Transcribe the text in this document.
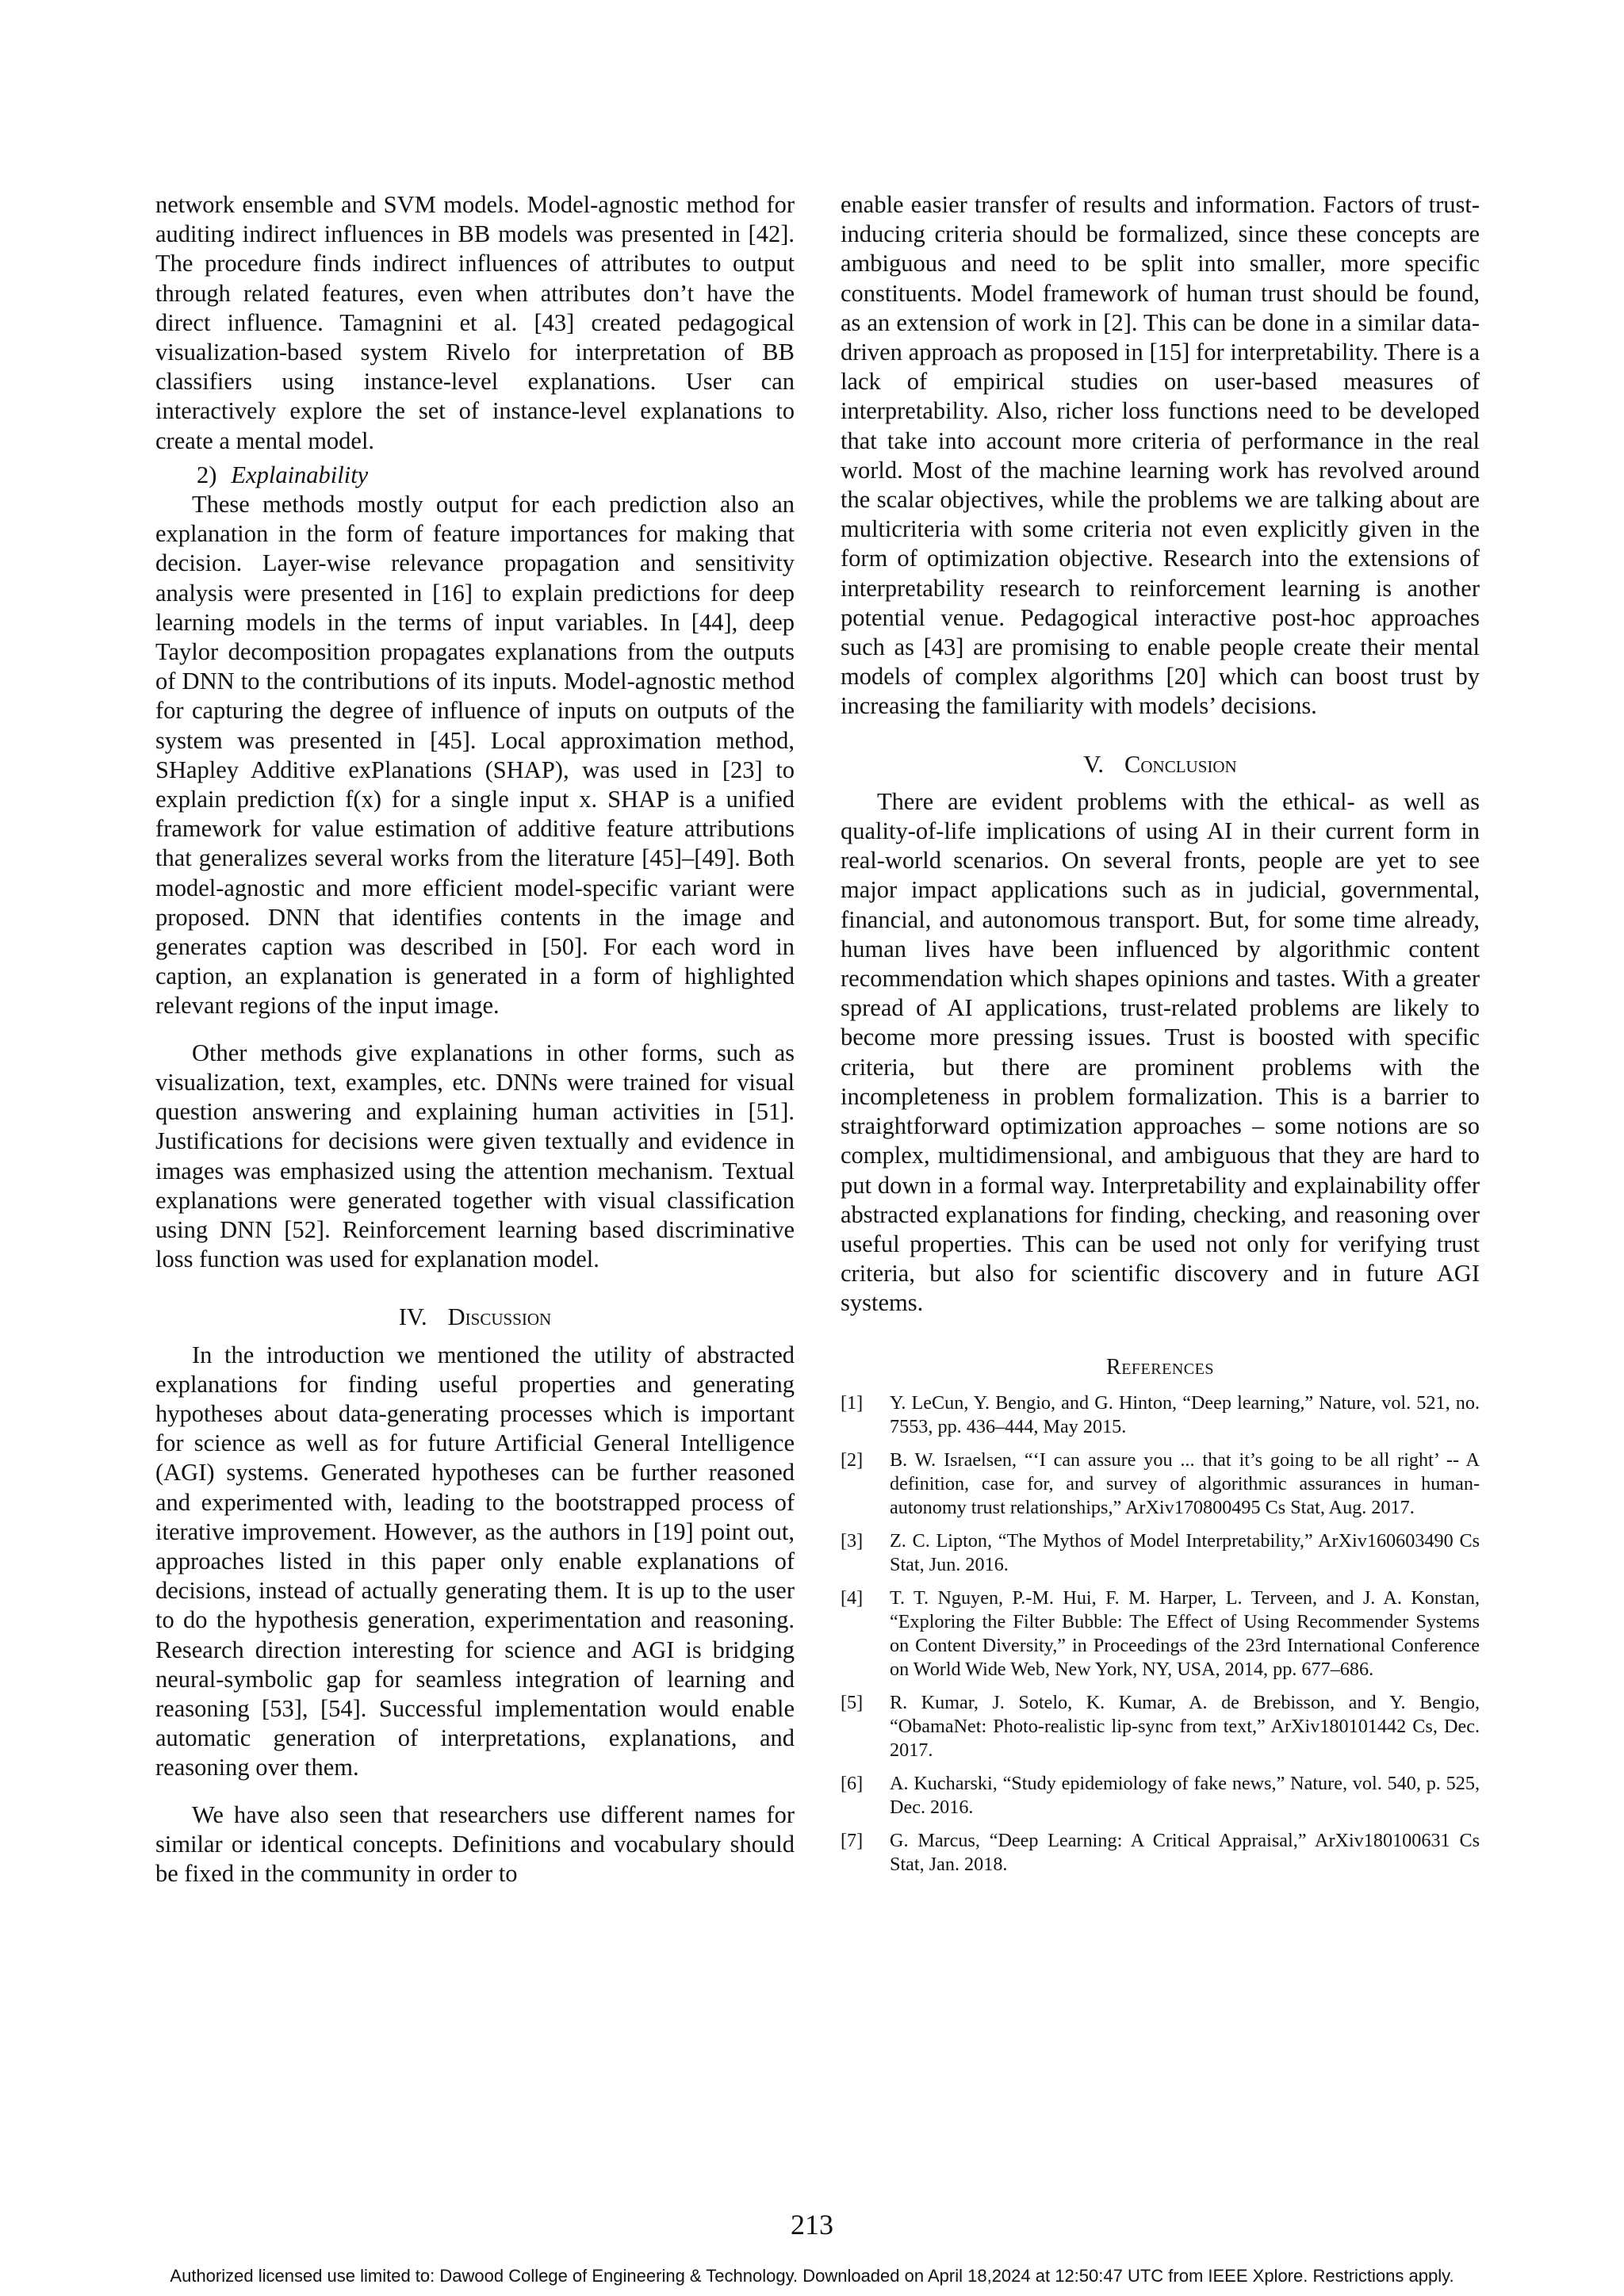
network ensemble and SVM models. Model-agnostic method for auditing indirect influences in BB models was presented in [42]. The procedure finds indirect influences of attributes to output through related features, even when attributes don’t have the direct influence. Tamagnini et al. [43] created pedagogical visualization-based system Rivelo for interpretation of BB classifiers using instance-level explanations. User can interactively explore the set of instance-level explanations to create a mental model.

2) Explainability

These methods mostly output for each prediction also an explanation in the form of feature importances for making that decision. Layer-wise relevance propagation and sensitivity analysis were presented in [16] to explain predictions for deep learning models in the terms of input variables. In [44], deep Taylor decomposition propagates explanations from the outputs of DNN to the contributions of its inputs. Model-agnostic method for capturing the degree of influence of inputs on outputs of the system was presented in [45]. Local approximation method, SHapley Additive exPlanations (SHAP), was used in [23] to explain prediction f(x) for a single input x. SHAP is a unified framework for value estimation of additive feature attributions that generalizes several works from the literature [45]–[49]. Both model-agnostic and more efficient model-specific variant were proposed. DNN that identifies contents in the image and generates caption was described in [50]. For each word in caption, an explanation is generated in a form of highlighted relevant regions of the input image.

Other methods give explanations in other forms, such as visualization, text, examples, etc. DNNs were trained for visual question answering and explaining human activities in [51]. Justifications for decisions were given textually and evidence in images was emphasized using the attention mechanism. Textual explanations were generated together with visual classification using DNN [52]. Reinforcement learning based discriminative loss function was used for explanation model.

IV. Discussion

In the introduction we mentioned the utility of abstracted explanations for finding useful properties and generating hypotheses about data-generating processes which is important for science as well as for future Artificial General Intelligence (AGI) systems. Generated hypotheses can be further reasoned and experimented with, leading to the bootstrapped process of iterative improvement. However, as the authors in [19] point out, approaches listed in this paper only enable explanations of decisions, instead of actually generating them. It is up to the user to do the hypothesis generation, experimentation and reasoning. Research direction interesting for science and AGI is bridging neural-symbolic gap for seamless integration of learning and reasoning [53], [54]. Successful implementation would enable automatic generation of interpretations, explanations, and reasoning over them.

We have also seen that researchers use different names for similar or identical concepts. Definitions and vocabulary should be fixed in the community in order to

enable easier transfer of results and information. Factors of trust-inducing criteria should be formalized, since these concepts are ambiguous and need to be split into smaller, more specific constituents. Model framework of human trust should be found, as an extension of work in [2]. This can be done in a similar data-driven approach as proposed in [15] for interpretability. There is a lack of empirical studies on user-based measures of interpretability. Also, richer loss functions need to be developed that take into account more criteria of performance in the real world. Most of the machine learning work has revolved around the scalar objectives, while the problems we are talking about are multicriteria with some criteria not even explicitly given in the form of optimization objective. Research into the extensions of interpretability research to reinforcement learning is another potential venue. Pedagogical interactive post-hoc approaches such as [43] are promising to enable people create their mental models of complex algorithms [20] which can boost trust by increasing the familiarity with models’ decisions.

V. Conclusion

There are evident problems with the ethical- as well as quality-of-life implications of using AI in their current form in real-world scenarios. On several fronts, people are yet to see major impact applications such as in judicial, governmental, financial, and autonomous transport. But, for some time already, human lives have been influenced by algorithmic content recommendation which shapes opinions and tastes. With a greater spread of AI applications, trust-related problems are likely to become more pressing issues. Trust is boosted with specific criteria, but there are prominent problems with the incompleteness in problem formalization. This is a barrier to straightforward optimization approaches – some notions are so complex, multidimensional, and ambiguous that they are hard to put down in a formal way. Interpretability and explainability offer abstracted explanations for finding, checking, and reasoning over useful properties. This can be used not only for verifying trust criteria, but also for scientific discovery and in future AGI systems.

References

[1]	Y. LeCun, Y. Bengio, and G. Hinton, “Deep learning,” Nature, vol. 521, no. 7553, pp. 436–444, May 2015.
[2]	B. W. Israelsen, “‘I can assure you ... that it’s going to be all right’ -- A definition, case for, and survey of algorithmic assurances in human-autonomy trust relationships,” ArXiv170800495 Cs Stat, Aug. 2017.
[3]	Z. C. Lipton, “The Mythos of Model Interpretability,” ArXiv160603490 Cs Stat, Jun. 2016.
[4]	T. T. Nguyen, P.-M. Hui, F. M. Harper, L. Terveen, and J. A. Konstan, “Exploring the Filter Bubble: The Effect of Using Recommender Systems on Content Diversity,” in Proceedings of the 23rd International Conference on World Wide Web, New York, NY, USA, 2014, pp. 677–686.
[5]	R. Kumar, J. Sotelo, K. Kumar, A. de Brebisson, and Y. Bengio, “ObamaNet: Photo-realistic lip-sync from text,” ArXiv180101442 Cs, Dec. 2017.
[6]	A. Kucharski, “Study epidemiology of fake news,” Nature, vol. 540, p. 525, Dec. 2016.
[7]	G. Marcus, “Deep Learning: A Critical Appraisal,” ArXiv180100631 Cs Stat, Jan. 2018.
213
Authorized licensed use limited to: Dawood College of Engineering & Technology. Downloaded on April 18,2024 at 12:50:47 UTC from IEEE Xplore. Restrictions apply.
